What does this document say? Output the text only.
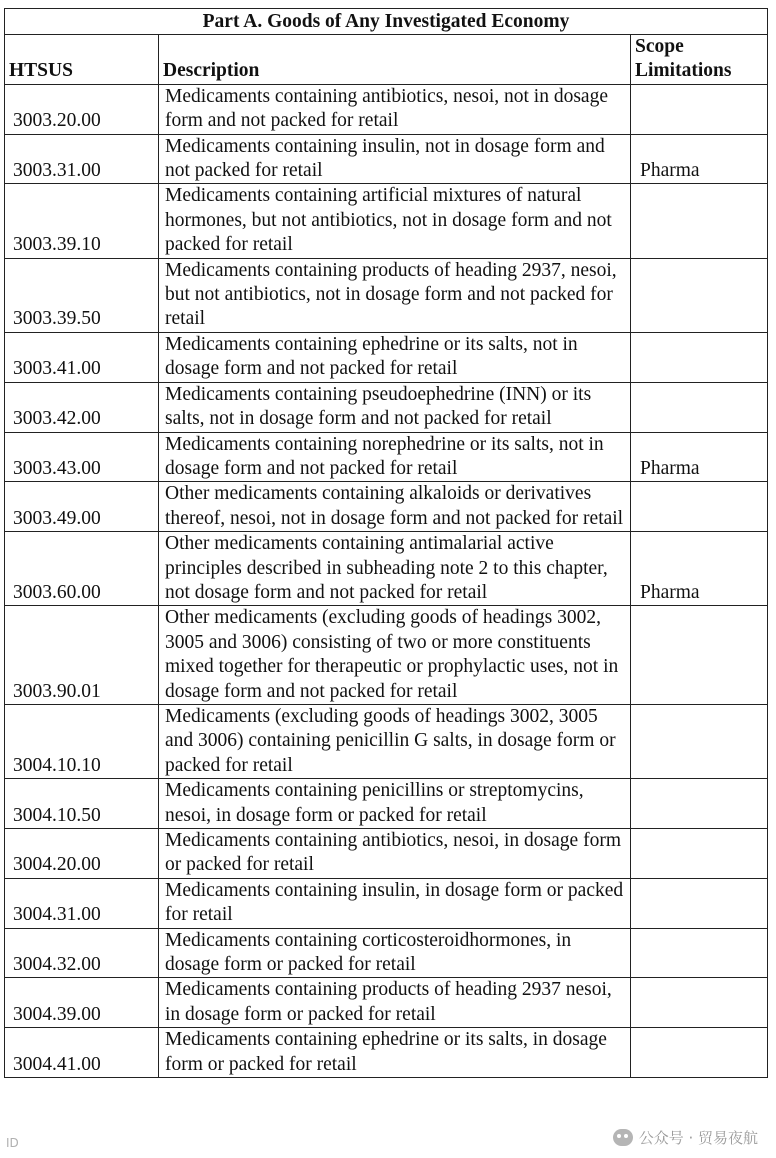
Part A. Goods of Any Investigated Economy		
HTSUS	Description	Scope Limitations
3003.20.00	Medicaments containing antibiotics, nesoi, not in dosage form and not packed for retail	
3003.31.00	Medicaments containing insulin, not in dosage form and not packed for retail	Pharma
3003.39.10	Medicaments containing artificial mixtures of natural hormones, but not antibiotics, not in dosage form and not packed for retail	
3003.39.50	Medicaments containing products of heading 2937, nesoi, but not antibiotics, not in dosage form and not packed for retail	
3003.41.00	Medicaments containing ephedrine or its salts, not in dosage form and not packed for retail	
3003.42.00	Medicaments containing pseudoephedrine (INN) or its salts, not in dosage form and not packed for retail	
3003.43.00	Medicaments containing norephedrine or its salts, not in dosage form and not packed for retail	Pharma
3003.49.00	Other medicaments containing alkaloids or derivatives thereof, nesoi, not in dosage form and not packed for retail	
3003.60.00	Other medicaments containing antimalarial active principles described in subheading note 2 to this chapter, not dosage form and not packed for retail	Pharma
3003.90.01	Other medicaments (excluding goods of headings 3002, 3005 and 3006) consisting of two or more constituents mixed together for therapeutic or prophylactic uses, not in dosage form and not packed for retail	
3004.10.10	Medicaments (excluding goods of headings 3002, 3005 and 3006) containing penicillin G salts, in dosage form or packed for retail	
3004.10.50	Medicaments containing penicillins or streptomycins, nesoi, in dosage form or packed for retail	
3004.20.00	Medicaments containing antibiotics, nesoi, in dosage form or packed for retail	
3004.31.00	Medicaments containing insulin, in dosage form or packed for retail	
3004.32.00	Medicaments containing corticosteroidhormones, in dosage form or packed for retail	
3004.39.00	Medicaments containing products of heading 2937 nesoi, in dosage form or packed for retail	
3004.41.00	Medicaments containing ephedrine or its salts, in dosage form or packed for retail	
ID	公众号 · 贸易夜航
